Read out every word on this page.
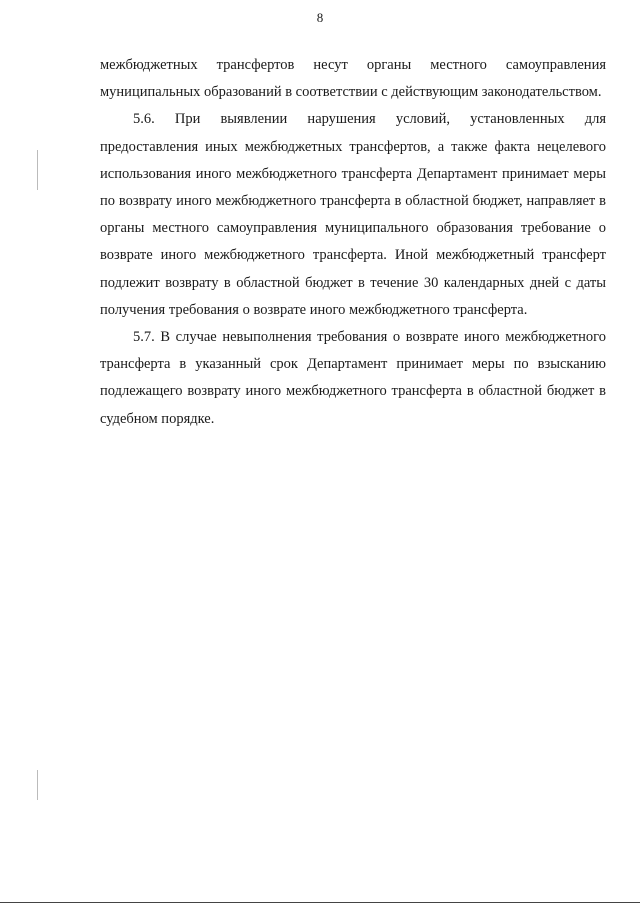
8

межбюджетных трансфертов несут органы местного самоуправления муниципальных образований в соответствии с действующим законодательством.

5.6. При выявлении нарушения условий, установленных для предоставления иных межбюджетных трансфертов, а также факта нецелевого использования иного межбюджетного трансферта Департамент принимает меры по возврату иного межбюджетного трансферта в областной бюджет, направляет в органы местного самоуправления муниципального образования требование о возврате иного межбюджетного трансферта. Иной межбюджетный трансферт подлежит возврату в областной бюджет в течение 30 календарных дней с даты получения требования о возврате иного межбюджетного трансферта.

5.7. В случае невыполнения требования о возврате иного межбюджетного трансферта в указанный срок Департамент принимает меры по взысканию подлежащего возврату иного межбюджетного трансферта в областной бюджет в судебном порядке.
